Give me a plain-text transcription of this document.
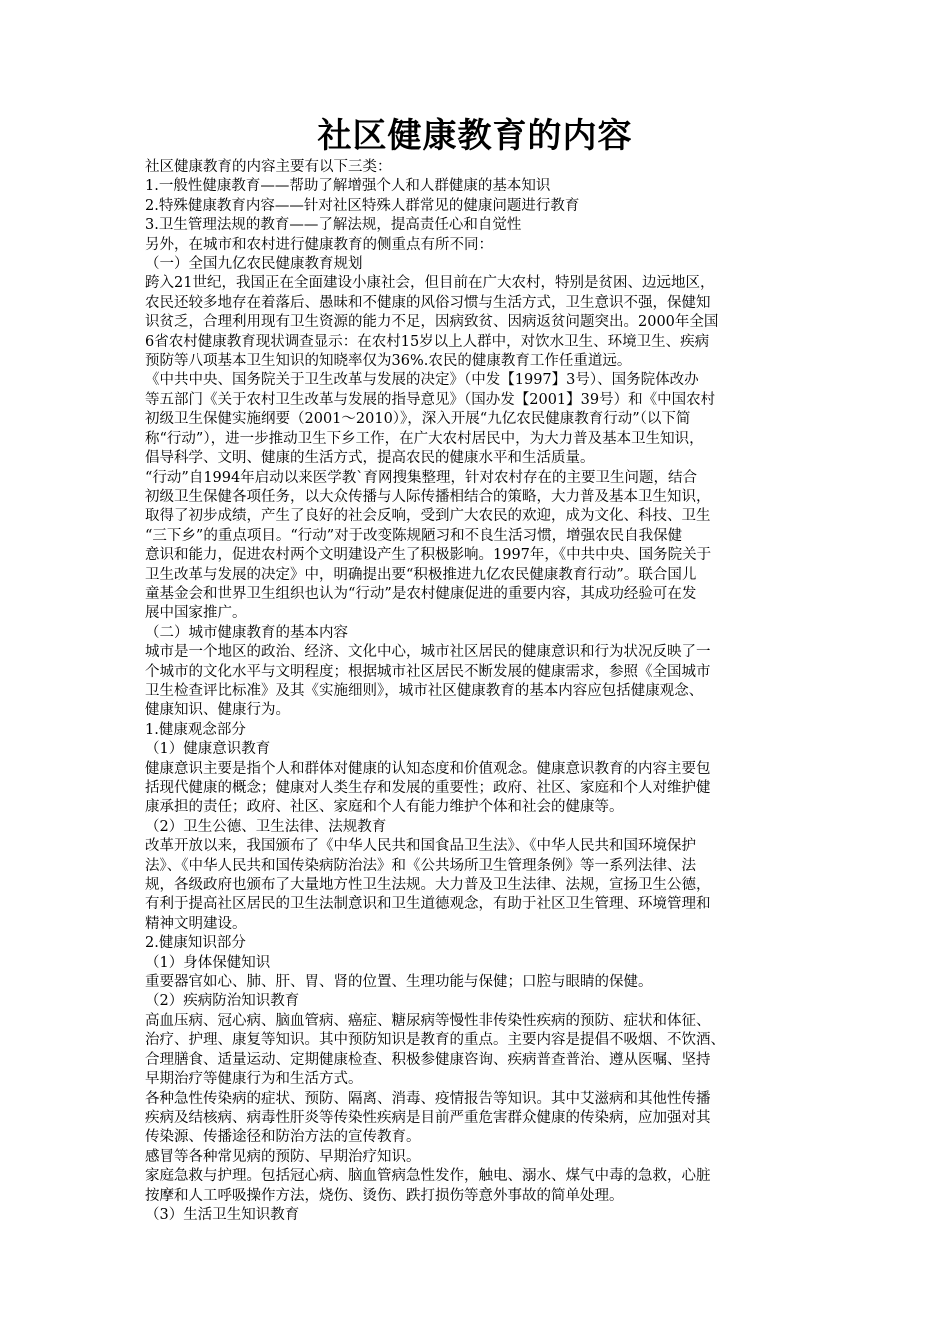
社区健康教育的内容
社区健康教育的内容主要有以下三类：
1.一般性健康教育——帮助了解增强个人和人群健康的基本知识
2.特殊健康教育内容——针对社区特殊人群常见的健康问题进行教育
3.卫生管理法规的教育——了解法规，提高责任心和自觉性
另外，在城市和农村进行健康教育的侧重点有所不同：
（一）全国九亿农民健康教育规划
跨入21世纪，我国正在全面建设小康社会，但目前在广大农村，特别是贫困、边远地区，
农民还较多地存在着落后、愚昧和不健康的风俗习惯与生活方式，卫生意识不强，保健知
识贫乏，合理利用现有卫生资源的能力不足，因病致贫、因病返贫问题突出。2000年全国
6省农村健康教育现状调查显示：在农村15岁以上人群中，对饮水卫生、环境卫生、疾病
预防等八项基本卫生知识的知晓率仅为36%.农民的健康教育工作任重道远。
《中共中央、国务院关于卫生改革与发展的决定》（中发【1997】3号）、国务院体改办
等五部门《关于农村卫生改革与发展的指导意见》（国办发【2001】39号）和《中国农村
初级卫生保健实施纲要（2001～2010）》，深入开展“九亿农民健康教育行动”（以下简
称“行动”），进一步推动卫生下乡工作，在广大农村居民中，为大力普及基本卫生知识，
倡导科学、文明、健康的生活方式，提高农民的健康水平和生活质量。
“行动”自1994年启动以来医学教`育网搜集整理，针对农村存在的主要卫生问题，结合
初级卫生保健各项任务，以大众传播与人际传播相结合的策略，大力普及基本卫生知识，
取得了初步成绩，产生了良好的社会反响，受到广大农民的欢迎，成为文化、科技、卫生
“三下乡”的重点项目。“行动”对于改变陈规陋习和不良生活习惯，增强农民自我保健
意识和能力，促进农村两个文明建设产生了积极影响。1997年，《中共中央、国务院关于
卫生改革与发展的决定》中，明确提出要“积极推进九亿农民健康教育行动”。联合国儿
童基金会和世界卫生组织也认为“行动”是农村健康促进的重要内容，其成功经验可在发
展中国家推广。
（二）城市健康教育的基本内容
城市是一个地区的政治、经济、文化中心，城市社区居民的健康意识和行为状况反映了一
个城市的文化水平与文明程度；根据城市社区居民不断发展的健康需求，参照《全国城市
卫生检查评比标准》及其《实施细则》，城市社区健康教育的基本内容应包括健康观念、
健康知识、健康行为。
1.健康观念部分
（1）健康意识教育
健康意识主要是指个人和群体对健康的认知态度和价值观念。健康意识教育的内容主要包
括现代健康的概念；健康对人类生存和发展的重要性；政府、社区、家庭和个人对维护健
康承担的责任；政府、社区、家庭和个人有能力维护个体和社会的健康等。
（2）卫生公德、卫生法律、法规教育
改革开放以来，我国颁布了《中华人民共和国食品卫生法》、《中华人民共和国环境保护
法》、《中华人民共和国传染病防治法》和《公共场所卫生管理条例》等一系列法律、法
规，各级政府也颁布了大量地方性卫生法规。大力普及卫生法律、法规，宣扬卫生公德，
有利于提高社区居民的卫生法制意识和卫生道德观念，有助于社区卫生管理、环境管理和
精神文明建设。
2.健康知识部分
（1）身体保健知识
重要器官如心、肺、肝、胃、肾的位置、生理功能与保健；口腔与眼睛的保健。
（2）疾病防治知识教育
高血压病、冠心病、脑血管病、癌症、糖尿病等慢性非传染性疾病的预防、症状和体征、
治疗、护理、康复等知识。其中预防知识是教育的重点。主要内容是提倡不吸烟、不饮酒、
合理膳食、适量运动、定期健康检查、积极参健康咨询、疾病普查普治、遵从医嘱、坚持
早期治疗等健康行为和生活方式。
各种急性传染病的症状、预防、隔离、消毒、疫情报告等知识。其中艾滋病和其他性传播
疾病及结核病、病毒性肝炎等传染性疾病是目前严重危害群众健康的传染病，应加强对其
传染源、传播途径和防治方法的宣传教育。
感冒等各种常见病的预防、早期治疗知识。
家庭急救与护理。包括冠心病、脑血管病急性发作，触电、溺水、煤气中毒的急救，心脏
按摩和人工呼吸操作方法，烧伤、烫伤、跌打损伤等意外事故的简单处理。
（3）生活卫生知识教育
